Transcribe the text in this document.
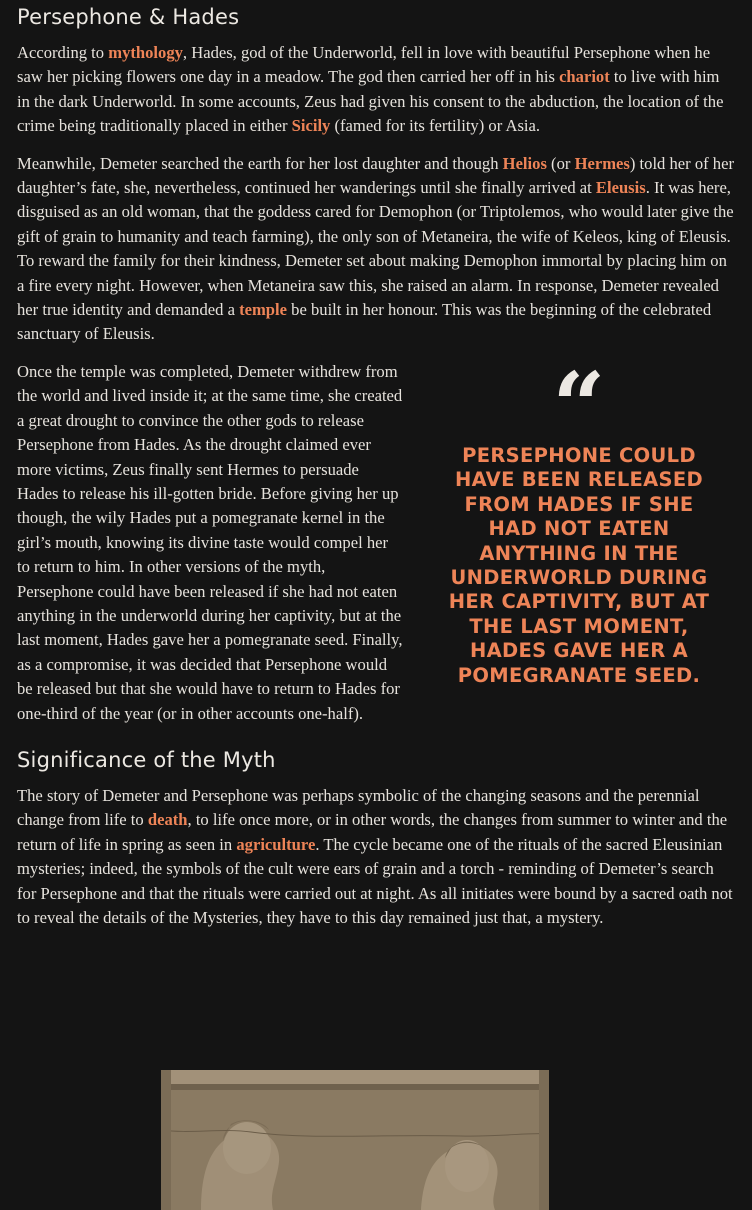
Persephone & Hades

According to mythology, Hades, god of the Underworld, fell in love with beautiful Persephone when he saw her picking flowers one day in a meadow. The god then carried her off in his chariot to live with him in the dark Underworld. In some accounts, Zeus had given his consent to the abduction, the location of the crime being traditionally placed in either Sicily (famed for its fertility) or Asia.

Meanwhile, Demeter searched the earth for her lost daughter and though Helios (or Hermes) told her of her daughter’s fate, she, nevertheless, continued her wanderings until she finally arrived at Eleusis. It was here, disguised as an old woman, that the goddess cared for Demophon (or Triptolemos, who would later give the gift of grain to humanity and teach farming), the only son of Metaneira, the wife of Keleos, king of Eleusis. To reward the family for their kindness, Demeter set about making Demophon immortal by placing him on a fire every night. However, when Metaneira saw this, she raised an alarm. In response, Demeter revealed her true identity and demanded a temple be built in her honour. This was the beginning of the celebrated sanctuary of Eleusis.

“
PERSEPHONE COULD HAVE BEEN RELEASED FROM HADES IF SHE HAD NOT EATEN ANYTHING IN THE UNDERWORLD DURING HER CAPTIVITY, BUT AT THE LAST MOMENT, HADES GAVE HER A POMEGRANATE SEED.

Once the temple was completed, Demeter withdrew from the world and lived inside it; at the same time, she created a great drought to convince the other gods to release Persephone from Hades. As the drought claimed ever more victims, Zeus finally sent Hermes to persuade Hades to release his ill-gotten bride. Before giving her up though, the wily Hades put a pomegranate kernel in the girl’s mouth, knowing its divine taste would compel her to return to him. In other versions of the myth, Persephone could have been released if she had not eaten anything in the underworld during her captivity, but at the last moment, Hades gave her a pomegranate seed. Finally, as a compromise, it was decided that Persephone would be released but that she would have to return to Hades for one-third of the year (or in other accounts one-half).

Significance of the Myth

The story of Demeter and Persephone was perhaps symbolic of the changing seasons and the perennial change from life to death, to life once more, or in other words, the changes from summer to winter and the return of life in spring as seen in agriculture. The cycle became one of the rituals of the sacred Eleusinian mysteries; indeed, the symbols of the cult were ears of grain and a torch - reminding of Demeter’s search for Persephone and that the rituals were carried out at night. As all initiates were bound by a sacred oath not to reveal the details of the Mysteries, they have to this day remained just that, a mystery.
